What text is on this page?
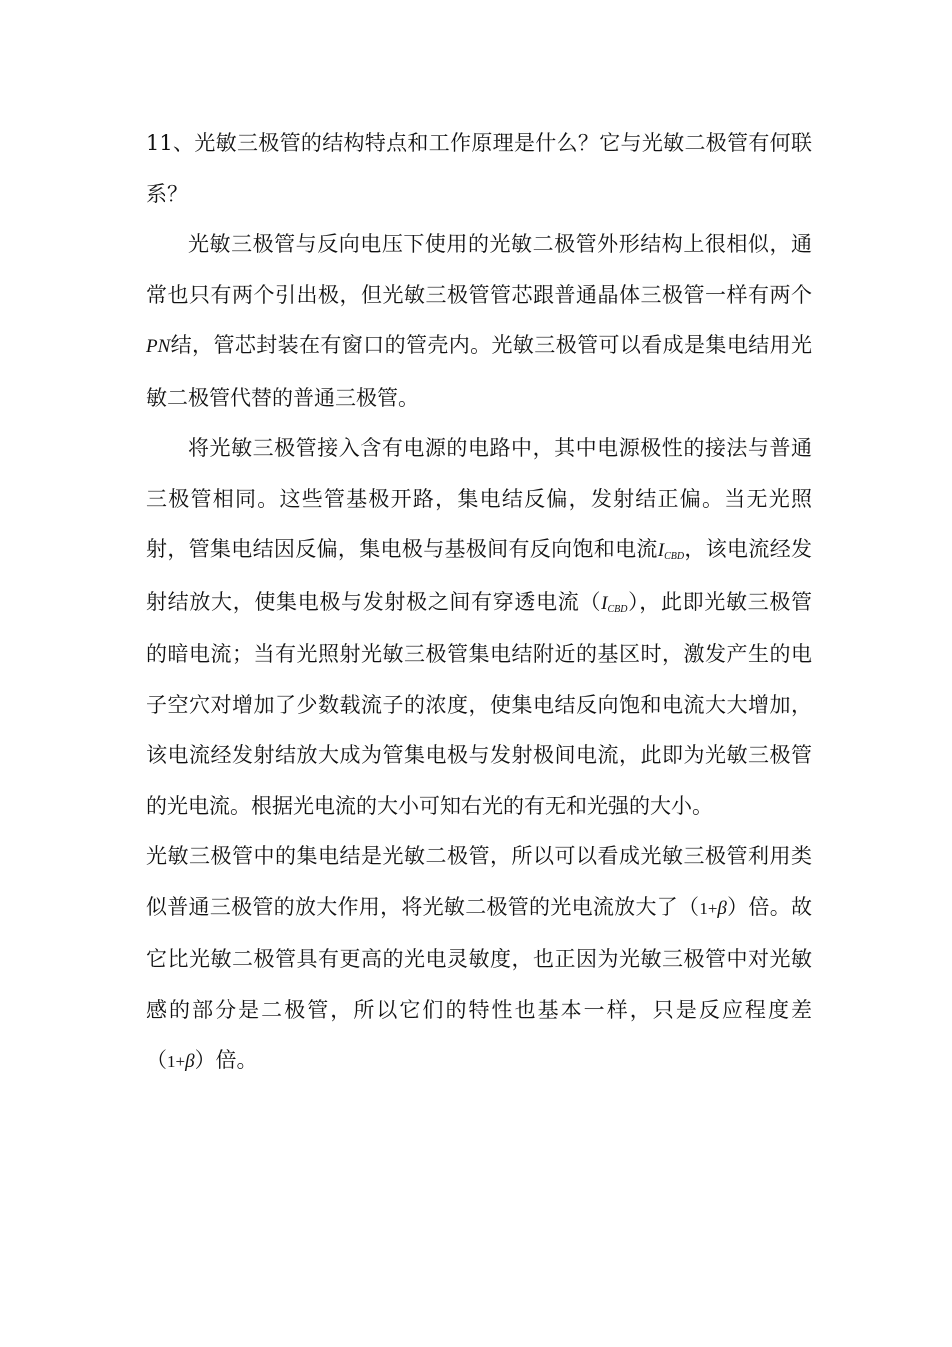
11、光敏三极管的结构特点和工作原理是什么？它与光敏二极管有何联系？

光敏三极管与反向电压下使用的光敏二极管外形结构上很相似，通常也只有两个引出极，但光敏三极管管芯跟普通晶体三极管一样有两个PN结，管芯封装在有窗口的管壳内。光敏三极管可以看成是集电结用光敏二极管代替的普通三极管。

将光敏三极管接入含有电源的电路中，其中电源极性的接法与普通三极管相同。这些管基极开路，集电结反偏，发射结正偏。当无光照射，管集电结因反偏，集电极与基极间有反向饱和电流$I_{CBD}$，该电流经发射结放大，使集电极与发射极之间有穿透电流$(I_{CBD})$，此即光敏三极管的暗电流；当有光照射光敏三极管集电结附近的基区时，激发产生的电子空穴对增加了少数载流子的浓度，使集电结反向饱和电流大大增加，该电流经发射结放大成为管集电极与发射极间电流，此即为光敏三极管的光电流。根据光电流的大小可知右光的有无和光强的大小。

光敏三极管中的集电结是光敏二极管，所以可以看成光敏三极管利用类似普通三极管的放大作用，将光敏二极管的光电流放大了（1+β）倍。故它比光敏二极管具有更高的光电灵敏度，也正因为光敏三极管中对光敏感的部分是二极管，所以它们的特性也基本一样，只是反应程度差（1+β）倍。
